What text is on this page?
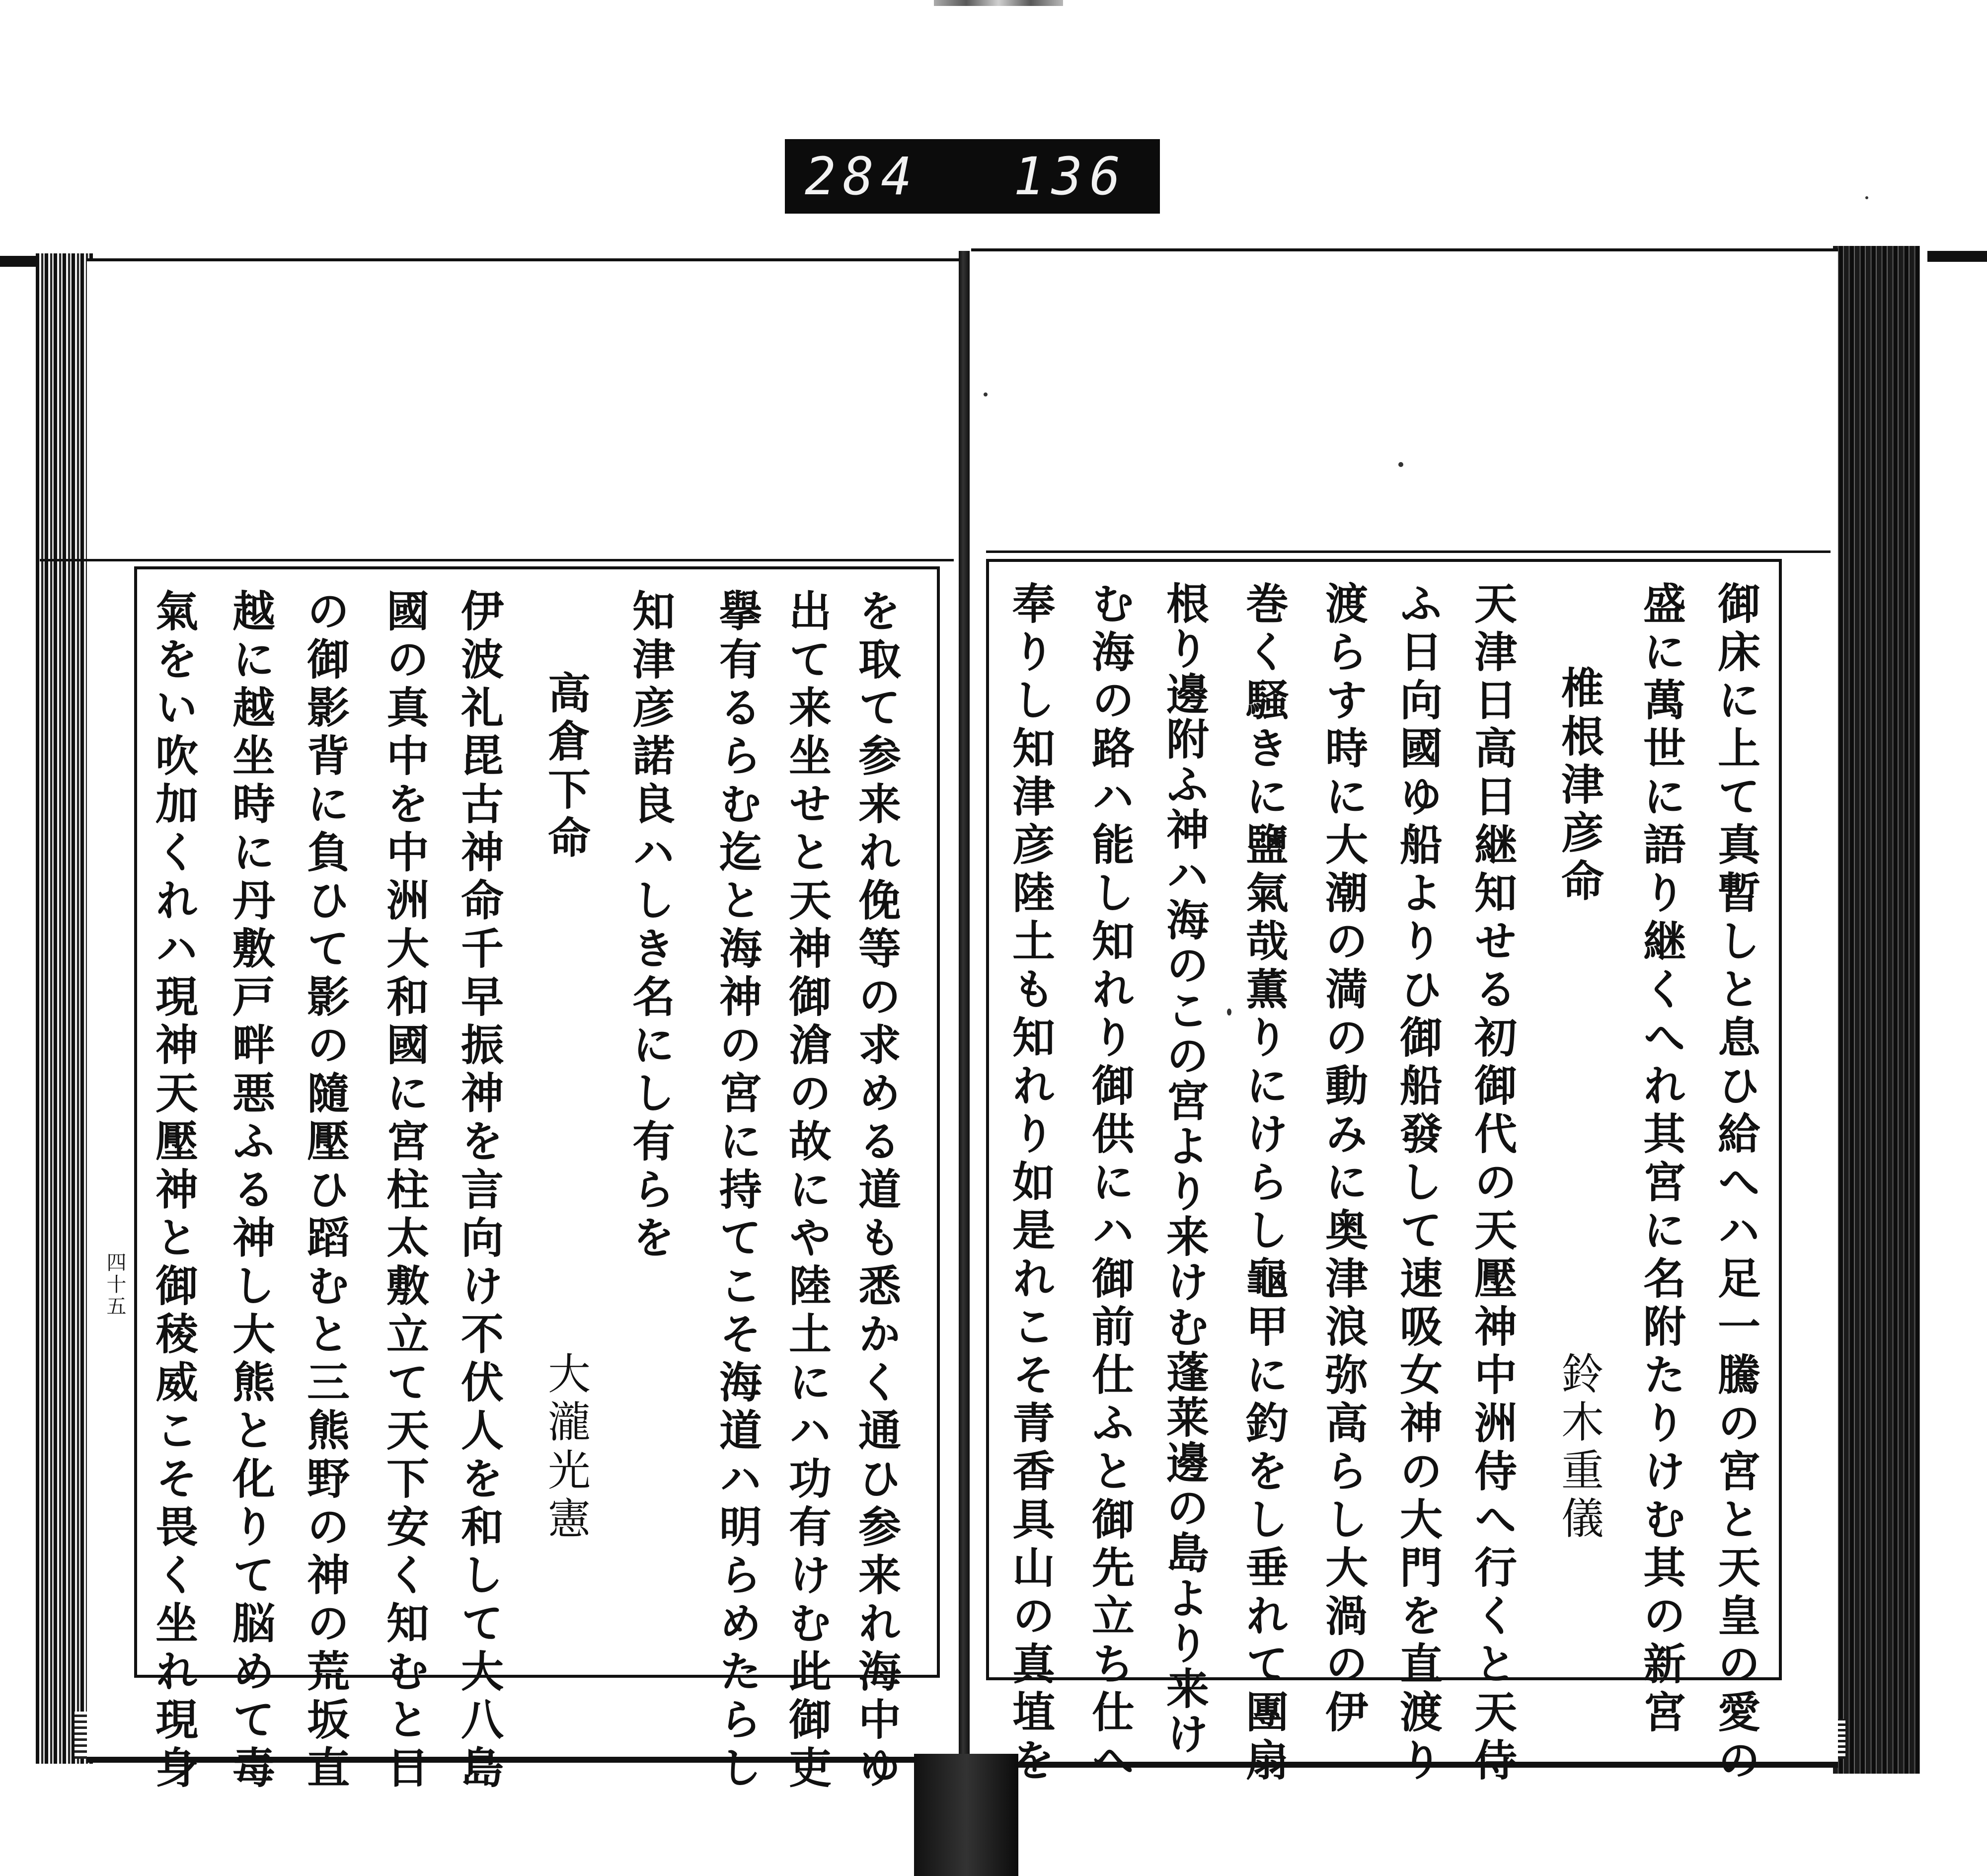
284 136
四十五	を取て参来れ俛等の求める道も悉かく通ひ参来れ海中ゆ
出て来坐せと天神御滄の故にや陸土にハ功有けむ此御吏
擧有るらむ迄と海神の宮に持てこそ海道ハ明らめたらし
知津彦諾良ハしき名にし有らを
高倉下命
大瀧光憲
伊波礼毘古神命千早振神を言向け不伏人を和して大八島
國の真中を中洲大和國に宮柱太敷立て天下安く知むと日
の御影背に負ひて影の隨壓ひ蹈むと三熊野の神の荒坂直
越に越坐時に丹敷戸畔悪ふる神し大熊と化りて脳めて毒
氣をい吹加くれハ現神天壓神と御稜威こそ畏く坐れ現身	御床に上て真暫しと息ひ給へハ足一騰の宮と天皇の愛の
盛に萬世に語り継くへれ其宮に名附たりけむ其の新宮
椎根津彦命
鈴木重儀
天津日高日継知せる初御代の天壓神中洲侍へ行くと天侍
ふ日向國ゆ船よりひ御船發して速吸女神の大門を直渡り
渡らす時に大潮の満の動みに奥津浪弥高らし大渦の伊
巻く騒きに鹽氣哉薫りにけらし龜甲に釣をし垂れて團扇
根り邊附ふ神ハ海のこの宮より来けむ蓬莱邊の島より来け
む海の路ハ能し知れり御供にハ御前仕ふと御先立ち仕へ
奉りし知津彦陸土も知れり如是れこそ青香具山の真埴を
